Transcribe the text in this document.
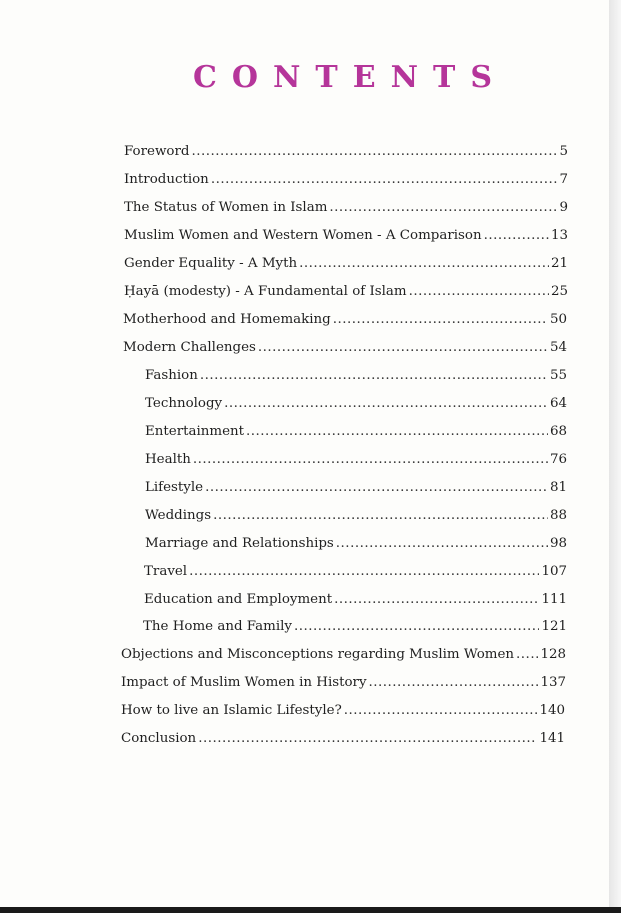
CONTENTS
Foreword .....	5
Introduction .....	7
The Status of Women in Islam .....	9
Muslim Women and Western Women - A Comparison .....	13
Gender Equality - A Myth .....	21
Ḥayā (modesty) - A Fundamental of Islam .....	25
Motherhood and Homemaking .....	50
Modern Challenges .....	54
Fashion .....	55
Technology .....	64
Entertainment .....	68
Health .....	76
Lifestyle .....	81
Weddings .....	88
Marriage and Relationships .....	98
Travel .....	107
Education and Employment .....	111
The Home and Family .....	121
Objections and Misconceptions regarding Muslim Women ..... 128
Impact of Muslim Women in History .....	137
How to live an Islamic Lifestyle? .....	140
Conclusion .....	141
